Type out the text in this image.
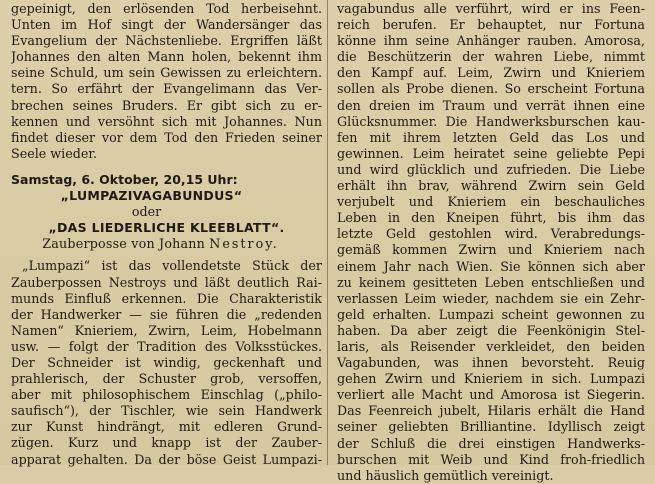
gepeinigt, den erlösenden Tod herbeisehnt.
Unten im Hof singt der Wandersänger das
Evangelium der Nächstenliebe. Ergriffen läßt
Johannes den alten Mann holen, bekennt ihm
seine Schuld, um sein Gewissen zu erleichtern.
tern. So erfährt der Evangelimann das Ver-
brechen seines Bruders. Er gibt sich zu er-
kennen und versöhnt sich mit Johannes. Nun
findet dieser vor dem Tod den Frieden seiner
Seele wieder.
Samstag, 6. Oktober, 20,15 Uhr:
„LUMPAZIVAGABUNDUS“
oder
„DAS LIEDERLICHE KLEEBLATT“.
Zauberposse von Johann Nestroy.
„Lumpazi“ ist das vollendetste Stück der
Zauberpossen Nestroys und läßt deutlich Rai-
munds Einfluß erkennen. Die Charakteristik
der Handwerker — sie führen die „redenden
Namen“ Knieriem, Zwirn, Leim, Hobelmann
usw. — folgt der Tradition des Volksstückes.
Der Schneider ist windig, geckenhaft und
prahlerisch, der Schuster grob, versoffen,
aber mit philosophischem Einschlag („philo-
saufisch“), der Tischler, wie sein Handwerk
zur Kunst hindrängt, mit edleren Grund-
zügen. Kurz und knapp ist der Zauber-
apparat gehalten. Da der böse Geist Lumpazi-
vagabundus alle verführt, wird er ins Feen-
reich berufen. Er behauptet, nur Fortuna
könne ihm seine Anhänger rauben. Amorosa,
die Beschützerin der wahren Liebe, nimmt
den Kampf auf. Leim, Zwirn und Knieriem
sollen als Probe dienen. So erscheint Fortuna
den dreien im Traum und verrät ihnen eine
Glücksnummer. Die Handwerksburschen kau-
fen mit ihrem letzten Geld das Los und
gewinnen. Leim heiratet seine geliebte Pepi
und wird glücklich und zufrieden. Die Liebe
erhält ihn brav, während Zwirn sein Geld
verjubelt und Knieriem ein beschauliches
Leben in den Kneipen führt, bis ihm das
letzte Geld gestohlen wird. Verabredungs-
gemäß kommen Zwirn und Knieriem nach
einem Jahr nach Wien. Sie können sich aber
zu keinem gesitteten Leben entschließen und
verlassen Leim wieder, nachdem sie ein Zehr-
geld erhalten. Lumpazi scheint gewonnen zu
haben. Da aber zeigt die Feenkönigin Stel-
laris, als Reisender verkleidet, den beiden
Vagabunden, was ihnen bevorsteht. Reuig
gehen Zwirn und Knieriem in sich. Lumpazi
verliert alle Macht und Amorosa ist Siegerin.
Das Feenreich jubelt, Hilaris erhält die Hand
seiner geliebten Brilliantine. Idyllisch zeigt
der Schluß die drei einstigen Handwerks-
burschen mit Weib und Kind froh-friedlich
und häuslich gemütlich vereinigt.
